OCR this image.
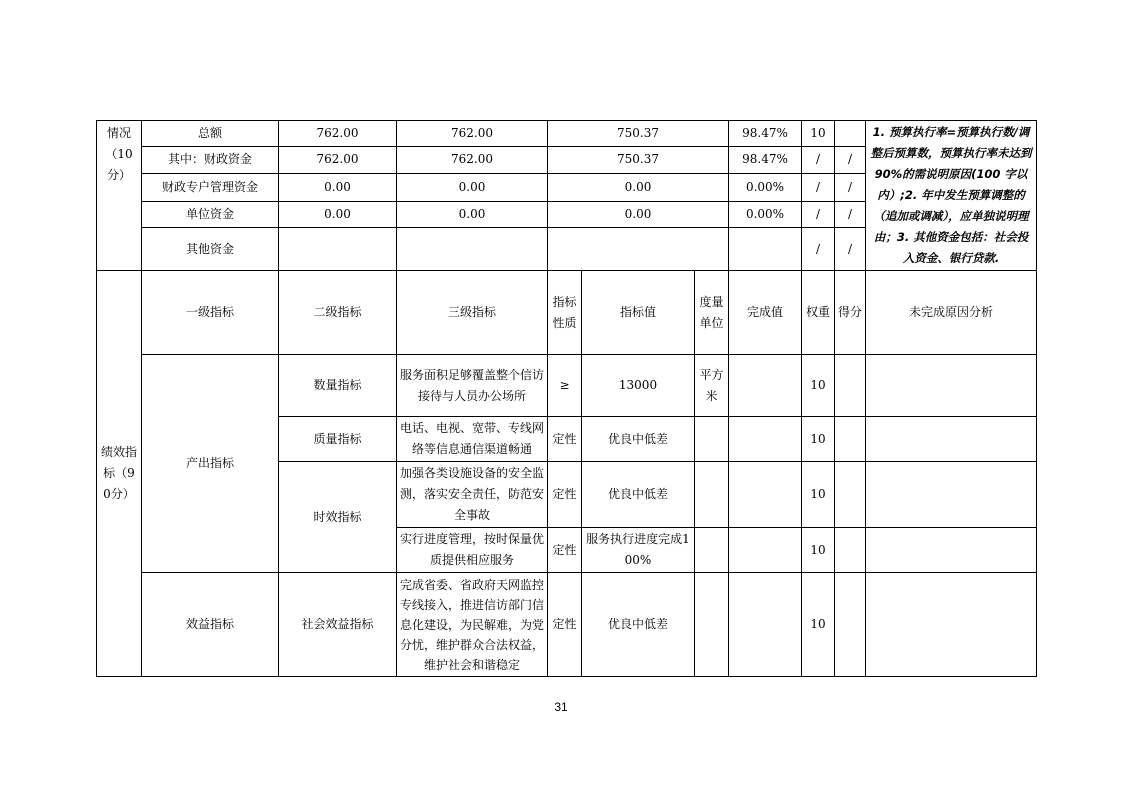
情况（10分）	总额	762.00	762.00	750.37			98.47%	10		1. 预算执行率=预算执行数/调整后预算数，预算执行率未达到 90%的需说明原因(100 字以内）;2. 年中发生预算调整的（追加或调减），应单独说明理由；3. 其他资金包括：社会投入资金、银行贷款.
	其中：财政资金	762.00	762.00	750.37			98.47%	/	/	
	财政专户管理资金	0.00	0.00	0.00			0.00%	/	/	
	单位资金	0.00	0.00	0.00			0.00%	/	/	
	其他资金							/	/	
绩效指标（90分）	一级指标	二级指标	三级指标	指标性质	指标值	度量单位	完成值	权重	得分	未完成原因分析
	产出指标	数量指标	服务面积足够覆盖整个信访接待与人员办公场所	≥	13000	平方米		10		
		质量指标	电话、电视、宽带、专线网络等信息通信渠道畅通	定性	优良中低差			10		
		时效指标	加强各类设施设备的安全监测，落实安全责任，防范安全事故	定性	优良中低差			10		
			实行进度管理，按时保量优质提供相应服务	定性	服务执行进度完成100%			10		
	效益指标	社会效益指标	完成省委、省政府天网监控专线接入，推进信访部门信息化建设，为民解难，为党分忧，维护群众合法权益，维护社会和谐稳定	定性	优良中低差			10		
31
